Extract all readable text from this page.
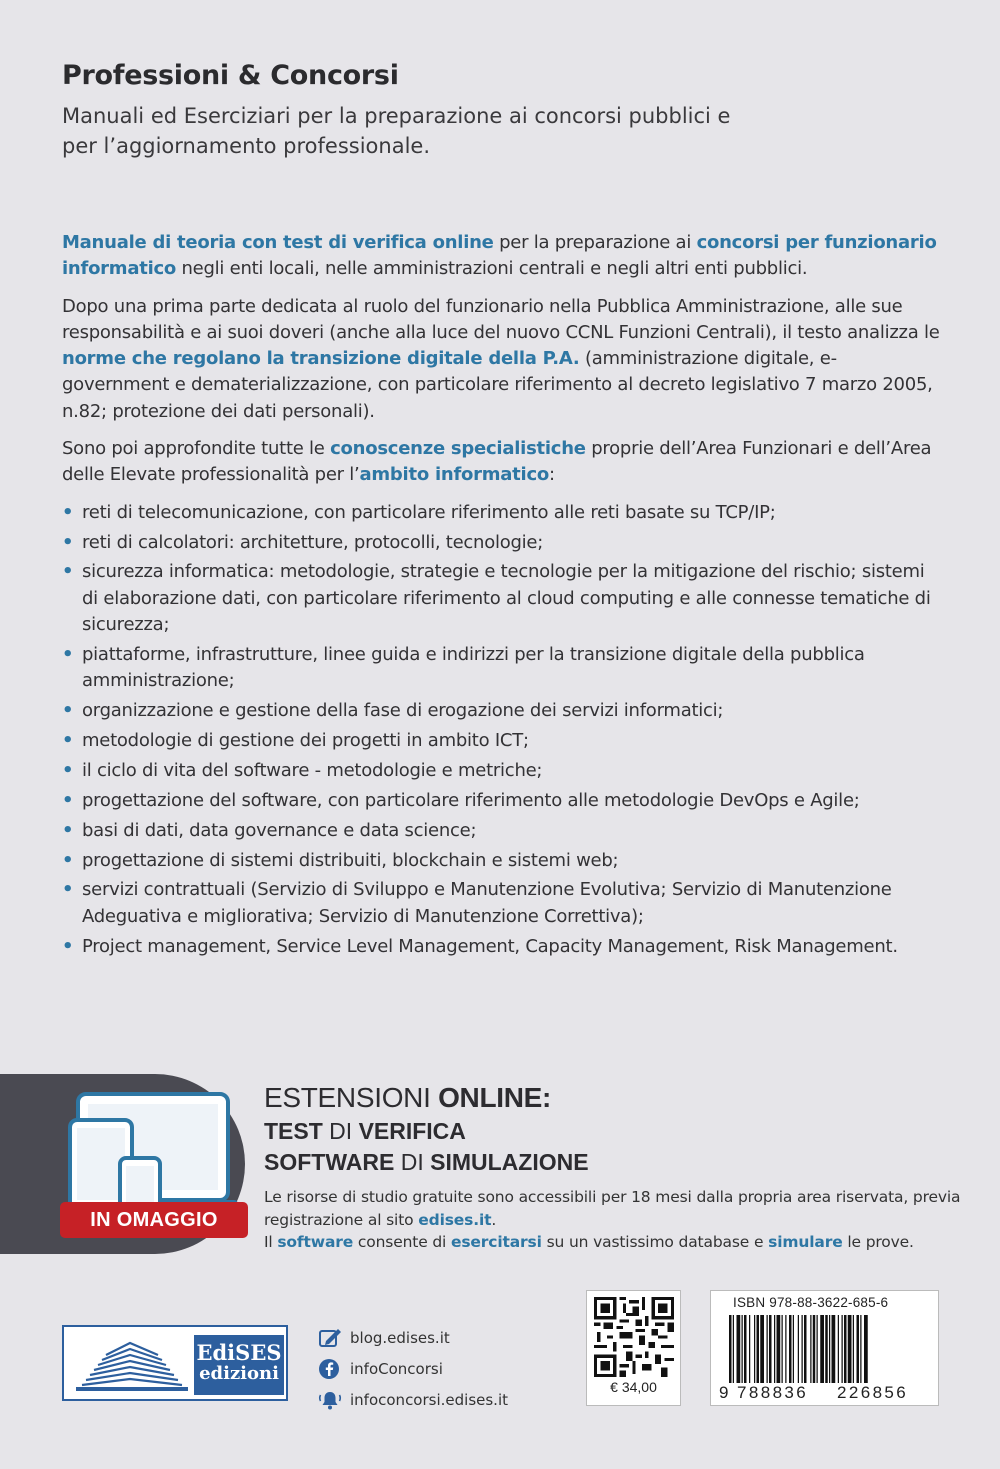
Professioni & Concorsi
Manuali ed Eserciziari per la preparazione ai concorsi pubblici e per l’aggiornamento professionale.

Manuale di teoria con test di verifica online per la preparazione ai concorsi per funzionario informatico negli enti locali, nelle amministrazioni centrali e negli altri enti pubblici.

Dopo una prima parte dedicata al ruolo del funzionario nella Pubblica Amministrazione, alle sue responsabilità e ai suoi doveri (anche alla luce del nuovo CCNL Funzioni Centrali), il testo analizza le norme che regolano la transizione digitale della P.A. (amministrazione digitale, e-government e dematerializzazione, con particolare riferimento al decreto legislativo 7 marzo 2005, n.82; protezione dei dati personali).

Sono poi approfondite tutte le conoscenze specialistiche proprie dell’Area Funzionari e dell’Area delle Elevate professionalità per l’ambito informatico:

• reti di telecomunicazione, con particolare riferimento alle reti basate su TCP/IP;
• reti di calcolatori: architetture, protocolli, tecnologie;
• sicurezza informatica: metodologie, strategie e tecnologie per la mitigazione del rischio; sistemi di elaborazione dati, con particolare riferimento al cloud computing e alle connesse tematiche di sicurezza;
• piattaforme, infrastrutture, linee guida e indirizzi per la transizione digitale della pubblica amministrazione;
• organizzazione e gestione della fase di erogazione dei servizi informatici;
• metodologie di gestione dei progetti in ambito ICT;
• il ciclo di vita del software - metodologie e metriche;
• progettazione del software, con particolare riferimento alle metodologie DevOps e Agile;
• basi di dati, data governance e data science;
• progettazione di sistemi distribuiti, blockchain e sistemi web;
• servizi contrattuali (Servizio di Sviluppo e Manutenzione Evolutiva; Servizio di Manutenzione Adeguativa e migliorativa; Servizio di Manutenzione Correttiva);
• Project management, Service Level Management, Capacity Management, Risk Management.
IN OMAGGIO
ESTENSIONI ONLINE:
TEST DI VERIFICA
SOFTWARE DI SIMULAZIONE
Le risorse di studio gratuite sono accessibili per 18 mesi dalla propria area riservata, previa registrazione al sito edises.it.
Il software consente di esercitarsi su un vastissimo database e simulare le prove.
EdiSES
edizioni
blog.edises.it
infoConcorsi
infoconcorsi.edises.it
€ 34,00
ISBN 978-88-3622-685-6
9 788836 226856
